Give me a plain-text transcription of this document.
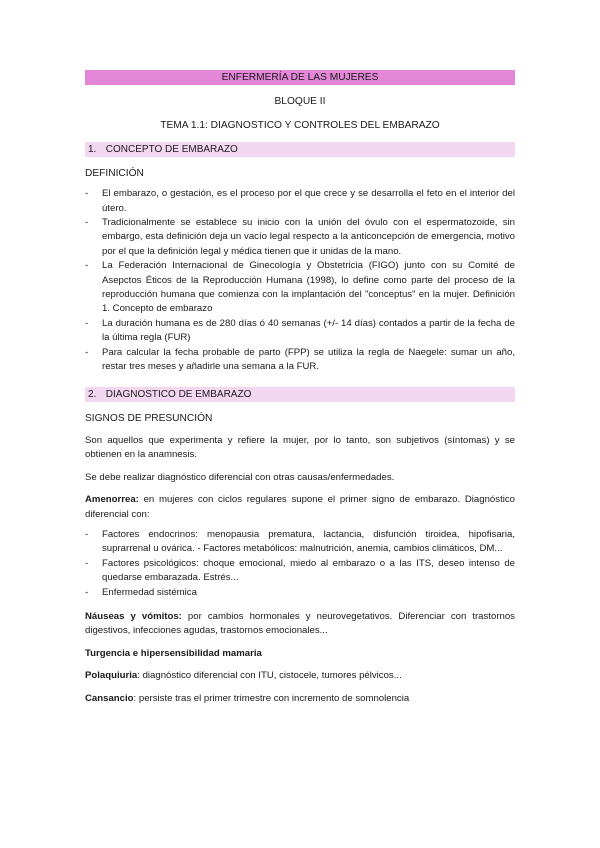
ENFERMERÍA DE LAS MUJERES
BLOQUE II
TEMA 1.1: DIAGNOSTICO Y CONTROLES DEL EMBARAZO
1. CONCEPTO DE EMBARAZO
DEFINICIÓN
- El embarazo, o gestación, es el proceso por el que crece y se desarrolla el feto en el interior del útero.
- Tradicionalmente se establece su inicio con la unión del óvulo con el espermatozoide, sin embargo, esta definición deja un vacío legal respecto a la anticoncepción de emergencia, motivo por el que la definición legal y médica tienen que ir unidas de la mano.
- La Federación Internacional de Ginecología y Obstetricia (FIGO) junto con su Comité de Asepctos Éticos de la Reproducción Humana (1998), lo define como parte del proceso de la reproducción humana que comienza con la implantación del "conceptus" en la mujer. Definición 1. Concepto de embarazo
- La duración humana es de 280 días ó 40 semanas (+/- 14 días) contados a partir de la fecha de la última regla (FUR)
- Para calcular la fecha probable de parto (FPP) se utiliza la regla de Naegele: sumar un año, restar tres meses y añadirle una semana a la FUR.
2. DIAGNOSTICO DE EMBARAZO
SIGNOS DE PRESUNCIÓN
Son aquellos que experimenta y refiere la mujer, por lo tanto, son subjetivos (síntomas) y se obtienen en la anamnesis.
Se debe realizar diagnóstico diferencial con otras causas/enfermedades.
Amenorrea: en mujeres con ciclos regulares supone el primer signo de embarazo. Diagnóstico diferencial con:
- Factores endocrinos: menopausia prematura, lactancia, disfunción tiroidea, hipofisaria, suprarrenal u ovárica. - Factores metabólicos: malnutrición, anemia, cambios climáticos, DM...
- Factores psicológicos: choque emocional, miedo al embarazo o a las ITS, deseo intenso de quedarse embarazada. Estrés...
- Enfermedad sistémica
Náuseas y vómitos: por cambios hormonales y neurovegetativos. Diferenciar con trastornos digestivos, infecciones agudas, trastornos emocionales...
Turgencia e hipersensibilidad mamaria
Polaquiuria: diagnóstico diferencial con ITU, cistocele, tumores pélvicos...
Cansancio: persiste tras el primer trimestre con incremento de somnolencia
